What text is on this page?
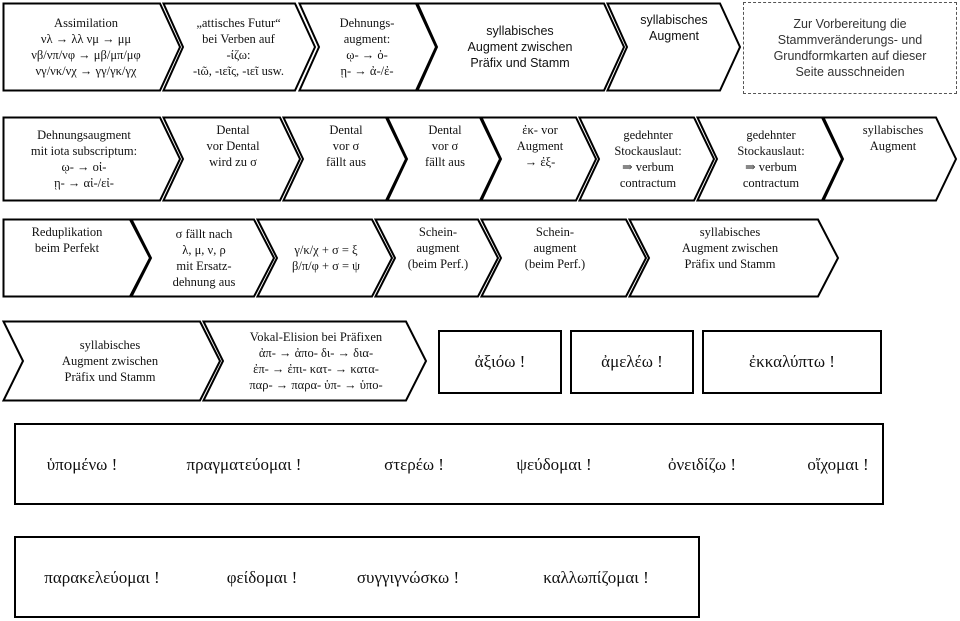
Assimilation
νλ → λλ νμ → μμ
νβ/νπ/νφ → μβ/μπ/μφ
νγ/νκ/νχ → γγ/γκ/γχ
„attisches Futur“
bei Verben auf
-ίζω:
-ιῶ, -ιεῖς, -ιεῖ usw.
Dehnungs-
augment:
ῳ- → ὀ-
ῃ- → ἀ-/ἐ-
syllabisches
Augment zwischen
Präfix und Stamm
syllabisches
Augment
Zur Vorbereitung die
Stammveränderungs- und
Grundformkarten auf dieser
Seite ausschneiden
Dehnungsaugment
mit iota subscriptum:
ῳ- → οἰ-
ῃ- → αἰ-/εἰ-
Dental
vor Dental
wird zu σ
Dental
vor σ
fällt aus
Dental
vor σ
fällt aus
ἐκ- vor
Augment
→ ἐξ-
gedehnter
Stockauslaut:
⇒ verbum
contractum
gedehnter
Stockauslaut:
⇒ verbum
contractum
syllabisches
Augment
Reduplikation
beim Perfekt
σ fällt nach
λ, μ, ν, ρ
mit Ersatz-
dehnung aus
γ/κ/χ + σ = ξ
β/π/φ + σ = ψ
Schein-
augment
(beim Perf.)
Schein-
augment
(beim Perf.)
syllabisches
Augment zwischen
Präfix und Stamm
syllabisches
Augment zwischen
Präfix und Stamm
Vokal-Elision bei Präfixen
ἀπ- → ἀπο- δι- → δια-
ἐπ- → ἐπι- κατ- → κατα-
παρ- → παρα- ὑπ- → ὑπο-
ἀξιόω !	ἀμελέω !	ἐκκαλύπτω !
ὑπομένω !	πραγματεύομαι !	στερέω !	ψεύδομαι !	ὀνειδίζω !	οἴχομαι !
παρακελεύομαι !	φείδομαι !	συγγιγνώσκω !	καλλωπίζομαι !
